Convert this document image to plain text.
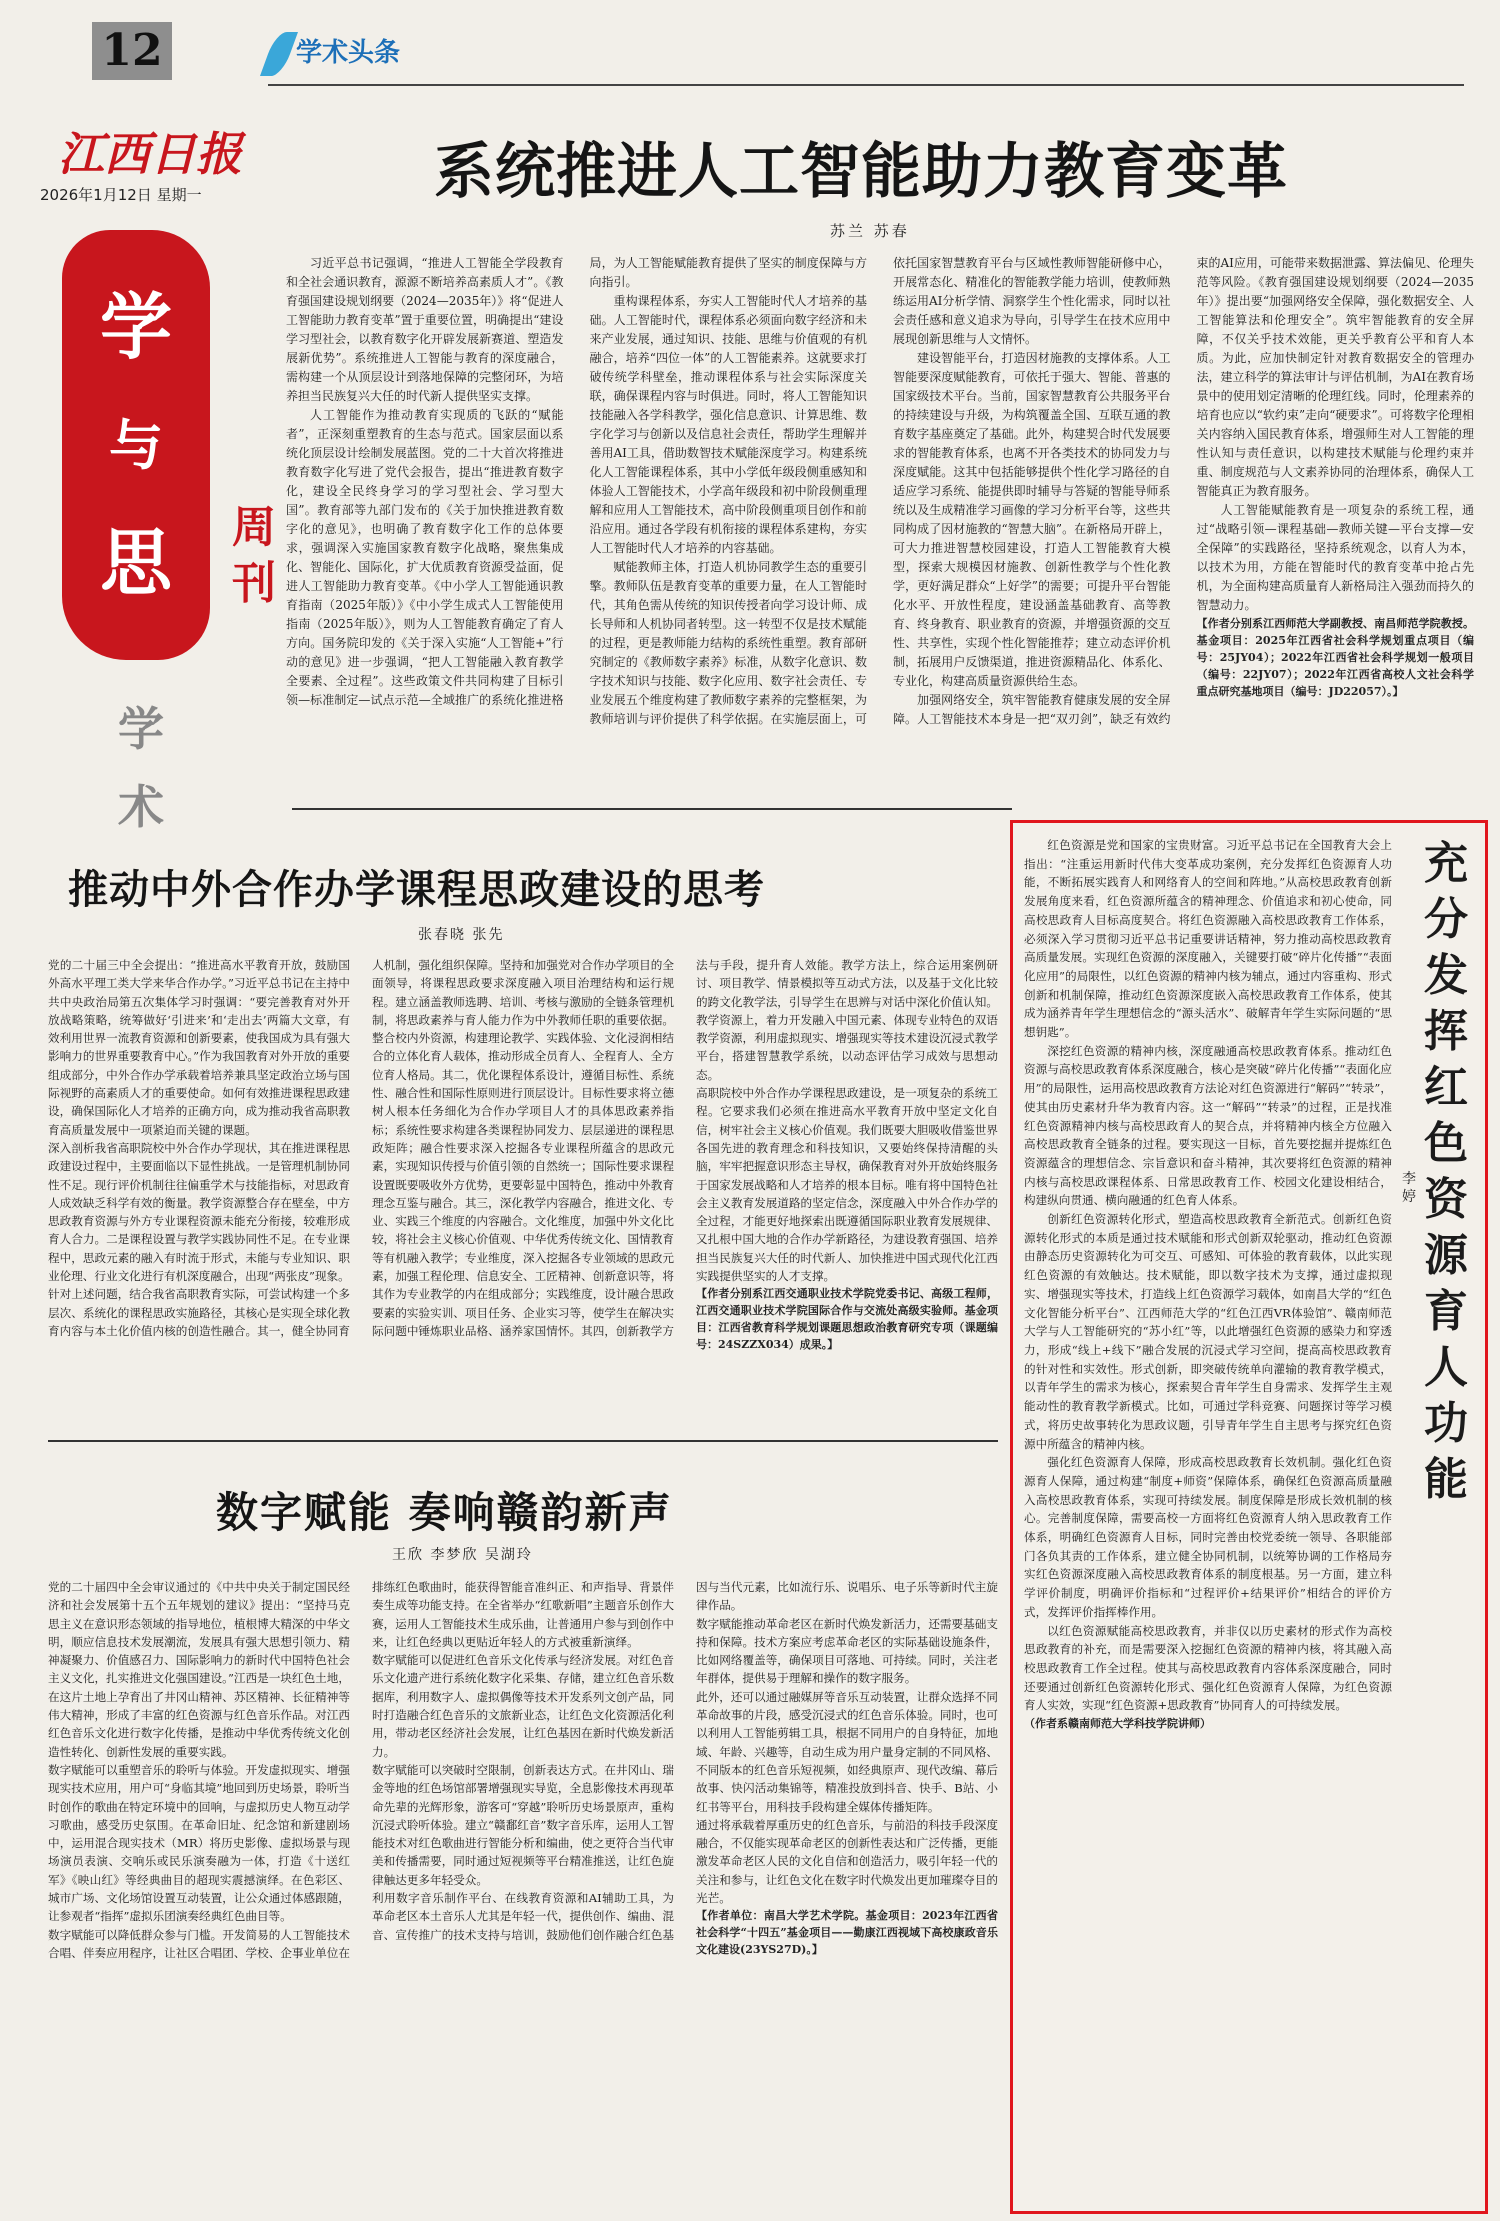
12	学术头条
江西日报
2026年1月12日 星期一
学
与
思	周刊
学术
系统推进人工智能助力教育变革
苏兰 苏春

习近平总书记强调，“推进人工智能全学段教育和全社会通识教育，源源不断培养高素质人才”。《教育强国建设规划纲要（2024—2035年）》将“促进人工智能助力教育变革”置于重要位置，明确提出“建设学习型社会，以教育数字化开辟发展新赛道、塑造发展新优势”。系统推进人工智能与教育的深度融合，需构建一个从顶层设计到落地保障的完整闭环，为培养担当民族复兴大任的时代新人提供坚实支撑。

人工智能作为推动教育实现质的飞跃的“赋能者”，正深刻重塑教育的生态与范式。国家层面以系统化顶层设计绘制发展蓝图。党的二十大首次将推进教育数字化写进了党代会报告，提出“推进教育数字化，建设全民终身学习的学习型社会、学习型大国”。教育部等九部门发布的《关于加快推进教育数字化的意见》，也明确了教育数字化工作的总体要求，强调深入实施国家教育数字化战略，聚焦集成化、智能化、国际化，扩大优质教育资源受益面，促进人工智能助力教育变革。《中小学人工智能通识教育指南（2025年版）》《中小学生成式人工智能使用指南（2025年版）》，则为人工智能教育确定了育人方向。国务院印发的《关于深入实施“人工智能+”行动的意见》进一步强调，“把人工智能融入教育教学全要素、全过程”。这些政策文件共同构建了目标引领—标准制定—试点示范—全域推广的系统化推进格局，为人工智能赋能教育提供了坚实的制度保障与方向指引。

重构课程体系，夯实人工智能时代人才培养的基础。人工智能时代，课程体系必须面向数字经济和未来产业发展，通过知识、技能、思维与价值观的有机融合，培养“四位一体”的人工智能素养。这就要求打破传统学科壁垒，推动课程体系与社会实际深度关联，确保课程内容与时俱进。同时，将人工智能知识技能融入各学科教学，强化信息意识、计算思维、数字化学习与创新以及信息社会责任，帮助学生理解并善用AI工具，借助数智技术赋能深度学习。构建系统化人工智能课程体系，其中小学低年级段侧重感知和体验人工智能技术，小学高年级段和初中阶段侧重理解和应用人工智能技术，高中阶段侧重项目创作和前沿应用。通过各学段有机衔接的课程体系建构，夯实人工智能时代人才培养的内容基础。

赋能教师主体，打造人机协同教学生态的重要引擎。教师队伍是教育变革的重要力量，在人工智能时代，其角色需从传统的知识传授者向学习设计师、成长导师和人机协同者转型。这一转型不仅是技术赋能的过程，更是教师能力结构的系统性重塑。教育部研究制定的《教师数字素养》标准，从数字化意识、数字技术知识与技能、数字化应用、数字社会责任、专业发展五个维度构建了教师数字素养的完整框架，为教师培训与评价提供了科学依据。在实施层面上，可依托国家智慧教育平台与区域性教师智能研修中心，开展常态化、精准化的智能教学能力培训，使教师熟练运用AI分析学情、洞察学生个性化需求，同时以社会责任感和意义追求为导向，引导学生在技术应用中展现创新思维与人文情怀。

建设智能平台，打造因材施教的支撑体系。人工智能要深度赋能教育，可依托于强大、智能、普惠的国家级技术平台。当前，国家智慧教育公共服务平台的持续建设与升级，为构筑覆盖全国、互联互通的教育数字基座奠定了基础。此外，构建契合时代发展要求的智能教育体系，也离不开各类技术的协同发力与深度赋能。这其中包括能够提供个性化学习路径的自适应学习系统、能提供即时辅导与答疑的智能导师系统以及生成精准学习画像的学习分析平台等，这些共同构成了因材施教的“智慧大脑”。在新格局开辟上，可大力推进智慧校园建设，打造人工智能教育大模型，探索大规模因材施教、创新性教学与个性化教学，更好满足群众“上好学”的需要；可提升平台智能化水平、开放性程度，建设涵盖基础教育、高等教育、终身教育、职业教育的资源，并增强资源的交互性、共享性，实现个性化智能推荐；建立动态评价机制，拓展用户反馈渠道，推进资源精品化、体系化、专业化，构建高质量资源供给生态。

加强网络安全，筑牢智能教育健康发展的安全屏障。人工智能技术本身是一把“双刃剑”，缺乏有效约束的AI应用，可能带来数据泄露、算法偏见、伦理失范等风险。《教育强国建设规划纲要（2024—2035年）》提出要“加强网络安全保障，强化数据安全、人工智能算法和伦理安全”。筑牢智能教育的安全屏障，不仅关乎技术效能，更关乎教育公平和育人本质。为此，应加快制定针对教育数据安全的管理办法，建立科学的算法审计与评估机制，为AI在教育场景中的使用划定清晰的伦理红线。同时，伦理素养的培育也应以“软约束”走向“硬要求”。可将数字伦理相关内容纳入国民教育体系，增强师生对人工智能的理性认知与责任意识，以构建技术赋能与伦理约束并重、制度规范与人文素养协同的治理体系，确保人工智能真正为教育服务。

人工智能赋能教育是一项复杂的系统工程，通过“战略引领—课程基础—教师关键—平台支撑—安全保障”的实践路径，坚持系统观念，以育人为本，以技术为用，方能在智能时代的教育变革中抢占先机，为全面构建高质量育人新格局注入强劲而持久的智慧动力。

【作者分别系江西师范大学副教授、南昌师范学院教授。基金项目：2025年江西省社会科学规划重点项目（编号：25JY04）；2022年江西省社会科学规划一般项目（编号：22JY07）；2022年江西省高校人文社会科学重点研究基地项目（编号：JD22057）。】

推动中外合作办学课程思政建设的思考
张春晓 张先

党的二十届三中全会提出：“推进高水平教育开放，鼓励国外高水平理工类大学来华合作办学。”习近平总书记在主持中共中央政治局第五次集体学习时强调：“要完善教育对外开放战略策略，统筹做好‘引进来’和‘走出去’两篇大文章，有效利用世界一流教育资源和创新要素，使我国成为具有强大影响力的世界重要教育中心。”作为我国教育对外开放的重要组成部分，中外合作办学承载着培养兼具坚定政治立场与国际视野的高素质人才的重要使命。如何有效推进课程思政建设，确保国际化人才培养的正确方向，成为推动我省高职教育高质量发展中一项紧迫而关键的课题。

深入剖析我省高职院校中外合作办学现状，其在推进课程思政建设过程中，主要面临以下显性挑战。一是管理机制协同性不足。现行评价机制往往偏重学术与技能指标，对思政育人成效缺乏科学有效的衡量。教学资源整合存在壁垒，中方思政教育资源与外方专业课程资源未能充分衔接，较难形成育人合力。二是课程设置与教学实践协同性不足。在专业课程中，思政元素的融入有时流于形式，未能与专业知识、职业伦理、行业文化进行有机深度融合，出现“两张皮”现象。

针对上述问题，结合我省高职教育实际，可尝试构建一个多层次、系统化的课程思政实施路径，其核心是实现全球化教育内容与本土化价值内核的创造性融合。其一，健全协同育人机制，强化组织保障。坚持和加强党对合作办学项目的全面领导，将课程思政要求深度融入项目治理结构和运行规程。建立涵盖教师选聘、培训、考核与激励的全链条管理机制，将思政素养与育人能力作为中外教师任职的重要依据。整合校内外资源，构建理论教学、实践体验、文化浸润相结合的立体化育人载体，推动形成全员育人、全程育人、全方位育人格局。其二，优化课程体系设计，遵循目标性、系统性、融合性和国际性原则进行顶层设计。目标性要求将立德树人根本任务细化为合作办学项目人才的具体思政素养指标；系统性要求构建各类课程协同发力、层层递进的课程思政矩阵；融合性要求深入挖掘各专业课程所蕴含的思政元素，实现知识传授与价值引领的自然统一；国际性要求课程设置既要吸收外方优势，更要彰显中国特色，推动中外教育理念互鉴与融合。其三，深化教学内容融合，推进文化、专业、实践三个维度的内容融合。文化维度，加强中外文化比较，将社会主义核心价值观、中华优秀传统文化、国情教育等有机融入教学；专业维度，深入挖掘各专业领域的思政元素，加强工程伦理、信息安全、工匠精神、创新意识等，将其作为专业教学的内在组成部分；实践维度，设计融合思政要素的实验实训、项目任务、企业实习等，使学生在解决实际问题中锤炼职业品格、涵养家国情怀。其四，创新教学方法与手段，提升育人效能。教学方法上，综合运用案例研讨、项目教学、情景模拟等互动式方法，以及基于文化比较的跨文化教学法，引导学生在思辨与对话中深化价值认知。教学资源上，着力开发融入中国元素、体现专业特色的双语教学资源，利用虚拟现实、增强现实等技术建设沉浸式教学平台，搭建智慧教学系统，以动态评估学习成效与思想动态。

高职院校中外合作办学课程思政建设，是一项复杂的系统工程。它要求我们必须在推进高水平教育开放中坚定文化自信，树牢社会主义核心价值观。我们既要大胆吸收借鉴世界各国先进的教育理念和科技知识，又要始终保持清醒的头脑，牢牢把握意识形态主导权，确保教育对外开放始终服务于国家发展战略和人才培养的根本目标。唯有将中国特色社会主义教育发展道路的坚定信念，深度融入中外合作办学的全过程，才能更好地探索出既遵循国际职业教育发展规律、又扎根中国大地的合作办学新路径，为建设教育强国、培养担当民族复兴大任的时代新人、加快推进中国式现代化江西实践提供坚实的人才支撑。

【作者分别系江西交通职业技术学院党委书记、高级工程师，江西交通职业技术学院国际合作与交流处高级实验师。基金项目：江西省教育科学规划课题思想政治教育研究专项（课题编号：24SZZX034）成果。】

数字赋能 奏响赣韵新声
王欣 李梦欣 吴湖玲

党的二十届四中全会审议通过的《中共中央关于制定国民经济和社会发展第十五个五年规划的建议》提出：“坚持马克思主义在意识形态领域的指导地位，植根博大精深的中华文明，顺应信息技术发展潮流，发展具有强大思想引领力、精神凝聚力、价值感召力、国际影响力的新时代中国特色社会主义文化，扎实推进文化强国建设。”江西是一块红色土地，在这片土地上孕育出了井冈山精神、苏区精神、长征精神等伟大精神，形成了丰富的红色资源与红色音乐作品。对江西红色音乐文化进行数字化传播，是推动中华优秀传统文化创造性转化、创新性发展的重要实践。

数字赋能可以重塑音乐的聆听与体验。开发虚拟现实、增强现实技术应用，用户可“身临其境”地回到历史场景，聆听当时创作的歌曲在特定环境中的回响，与虚拟历史人物互动学习歌曲，感受历史氛围。在革命旧址、纪念馆和新建剧场中，运用混合现实技术（MR）将历史影像、虚拟场景与现场演员表演、交响乐或民乐演奏融为一体，打造《十送红军》《映山红》等经典曲目的超现实震撼演绎。在色彩区、城市广场、文化场馆设置互动装置，让公众通过体感跟随，让参观者“指挥”虚拟乐团演奏经典红色曲目等。

数字赋能可以降低群众参与门槛。开发简易的人工智能技术合唱、伴奏应用程序，让社区合唱团、学校、企事业单位在排练红色歌曲时，能获得智能音准纠正、和声指导、背景伴奏生成等功能支持。在全省举办“红歌新唱”主题音乐创作大赛，运用人工智能技术生成乐曲，让普通用户参与到创作中来，让红色经典以更贴近年轻人的方式被重新演绎。

数字赋能可以促进红色音乐文化传承与经济发展。对红色音乐文化遗产进行系统化数字化采集、存储，建立红色音乐数据库，利用数字人、虚拟偶像等技术开发系列文创产品，同时打造融合红色音乐的文旅新业态，让红色文化资源活化利用，带动老区经济社会发展，让红色基因在新时代焕发新活力。

数字赋能可以突破时空限制，创新表达方式。在井冈山、瑞金等地的红色场馆部署增强现实导览，全息影像技术再现革命先辈的光辉形象，游客可“穿越”聆听历史场景原声，重构沉浸式聆听体验。建立“赣鄱红音”数字音乐库，运用人工智能技术对红色歌曲进行智能分析和编曲，使之更符合当代审美和传播需要，同时通过短视频等平台精准推送，让红色旋律触达更多年轻受众。

利用数字音乐制作平台、在线教育资源和AI辅助工具，为革命老区本土音乐人尤其是年轻一代，提供创作、编曲、混音、宣传推广的技术支持与培训，鼓励他们创作融合红色基因与当代元素，比如流行乐、说唱乐、电子乐等新时代主旋律作品。

数字赋能推动革命老区在新时代焕发新活力，还需要基础支持和保障。技术方案应考虑革命老区的实际基础设施条件，比如网络覆盖等，确保项目可落地、可持续。同时，关注老年群体，提供易于理解和操作的数字服务。

此外，还可以通过融媒屏等音乐互动装置，让群众选择不同革命故事的片段，感受沉浸式的红色音乐体验。同时，也可以利用人工智能剪辑工具，根据不同用户的自身特征，加地域、年龄、兴趣等，自动生成为用户量身定制的不同风格、不同版本的红色音乐短视频，如经典原声、现代改编、幕后故事、快闪活动集锦等，精准投放到抖音、快手、B站、小红书等平台，用科技手段构建全媒体传播矩阵。

通过将承载着厚重历史的红色音乐，与前沿的科技手段深度融合，不仅能实现革命老区的创新性表达和广泛传播，更能激发革命老区人民的文化自信和创造活力，吸引年轻一代的关注和参与，让红色文化在数字时代焕发出更加璀璨夺目的光芒。

【作者单位：南昌大学艺术学院。基金项目：2023年江西省社会科学“十四五”基金项目——勤康江西视域下高校康政音乐文化建设(23YS27D)。】

红色资源是党和国家的宝贵财富。习近平总书记在全国教育大会上指出：“注重运用新时代伟大变革成功案例，充分发挥红色资源育人功能，不断拓展实践育人和网络育人的空间和阵地。”从高校思政教育创新发展角度来看，红色资源所蕴含的精神理念、价值追求和初心使命，同高校思政育人目标高度契合。将红色资源融入高校思政教育工作体系，必须深入学习贯彻习近平总书记重要讲话精神，努力推动高校思政教育高质量发展。实现红色资源的深度融入，关键要打破“碎片化传播”“表面化应用”的局限性，以红色资源的精神内核为辅点，通过内容重构、形式创新和机制保障，推动红色资源深度嵌入高校思政教育工作体系，使其成为涵养青年学生理想信念的“源头活水”、破解青年学生实际问题的“思想钥匙”。

深挖红色资源的精神内核，深度融通高校思政教育体系。推动红色资源与高校思政教育体系深度融合，核心是突破“碎片化传播”“表面化应用”的局限性，运用高校思政教育方法论对红色资源进行“解码”“转录”，使其由历史素材升华为教育内容。这一“解码”“转录”的过程，正是找准红色资源精神内核与高校思政育人的契合点，并将精神内核全方位融入高校思政教育全链条的过程。要实现这一目标，首先要挖掘并提炼红色资源蕴含的理想信念、宗旨意识和奋斗精神，其次要将红色资源的精神内核与高校思政课程体系、日常思政教育工作、校园文化建设相结合，构建纵向贯通、横向融通的红色育人体系。

创新红色资源转化形式，塑造高校思政教育全新范式。创新红色资源转化形式的本质是通过技术赋能和形式创新双轮驱动，推动红色资源由静态历史资源转化为可交互、可感知、可体验的教育载体，以此实现红色资源的有效触达。技术赋能，即以数字技术为支撑，通过虚拟现实、增强现实等技术，打造线上红色资源学习载体，如南昌大学的“红色文化智能分析平台”、江西师范大学的“红色江西VR体验馆”、赣南师范大学与人工智能研究的“苏小红”等，以此增强红色资源的感染力和穿透力，形成“线上+线下”融合发展的沉浸式学习空间，提高高校思政教育的针对性和实效性。形式创新，即突破传统单向灌输的教育教学模式，以青年学生的需求为核心，探索契合青年学生自身需求、发挥学生主观能动性的教育教学新模式。比如，可通过学科竞赛、问题探讨等学习模式，将历史故事转化为思政议题，引导青年学生自主思考与探究红色资源中所蕴含的精神内核。

强化红色资源育人保障，形成高校思政教育长效机制。强化红色资源育人保障，通过构建“制度+师资”保障体系，确保红色资源高质量融入高校思政教育体系，实现可持续发展。制度保障是形成长效机制的核心。完善制度保障，需要高校一方面将红色资源育人纳入思政教育工作体系，明确红色资源育人目标，同时完善由校党委统一领导、各职能部门各负其责的工作体系，建立健全协同机制，以统筹协调的工作格局夯实红色资源深度融入高校思政教育体系的制度根基。另一方面，建立科学评价制度，明确评价指标和“过程评价+结果评价”相结合的评价方式，发挥评价指挥棒作用。

以红色资源赋能高校思政教育，并非仅以历史素材的形式作为高校思政教育的补充，而是需要深入挖掘红色资源的精神内核，将其融入高校思政教育工作全过程。使其与高校思政教育内容体系深度融合，同时还要通过创新红色资源转化形式、强化红色资源育人保障，为红色资源育人实效，实现“红色资源+思政教育”协同育人的可持续发展。

（作者系赣南师范大学科技学院讲师）

充
分
发
挥
红
色
资
源
育
人
功
能
李婷
